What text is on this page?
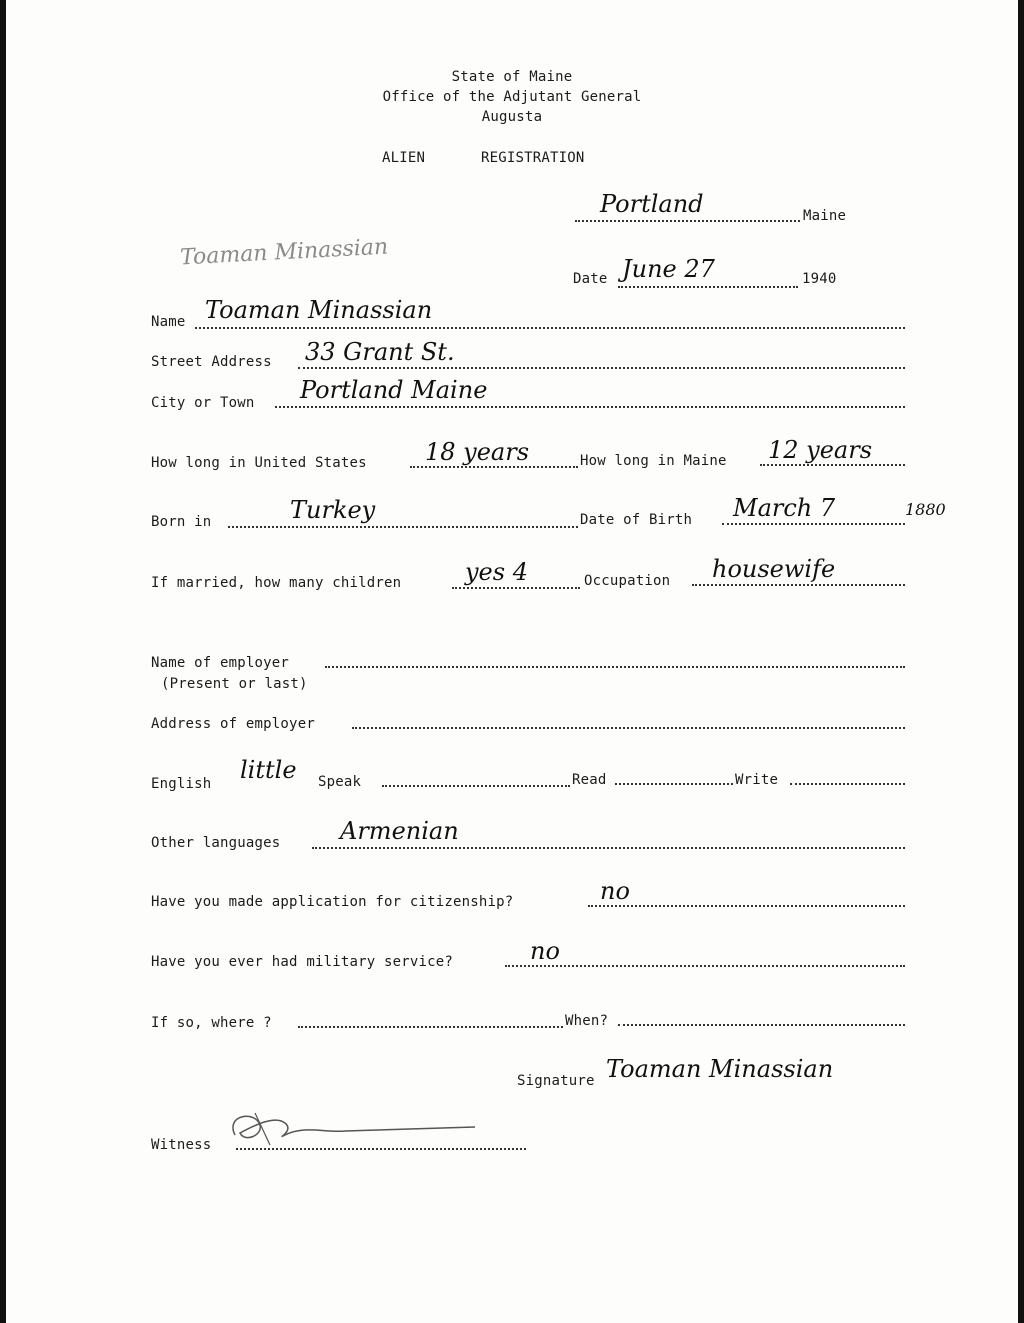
State of Maine
Office of the Adjutant General
Augusta
ALIEN	REGISTRATION
Portland	Maine
Toaman Minassian
Date June 27	1940
Name Toaman Minassian
Street Address 33 Grant St.
City or Town Portland Maine
How long in United States 18 years	How long in Maine 12 years
Born in	Turkey	Date of Birth March 7	1880
If married, how many children	yes 4	Occupation housewife
Name of employer
(Present or last)
Address of employer
English little Speak	Read	Write
Other languages Armenian
Have you made application for citizenship?	no
Have you ever had military service?	no
If so, where ?	When?
Signature Toaman Minassian
Witness
